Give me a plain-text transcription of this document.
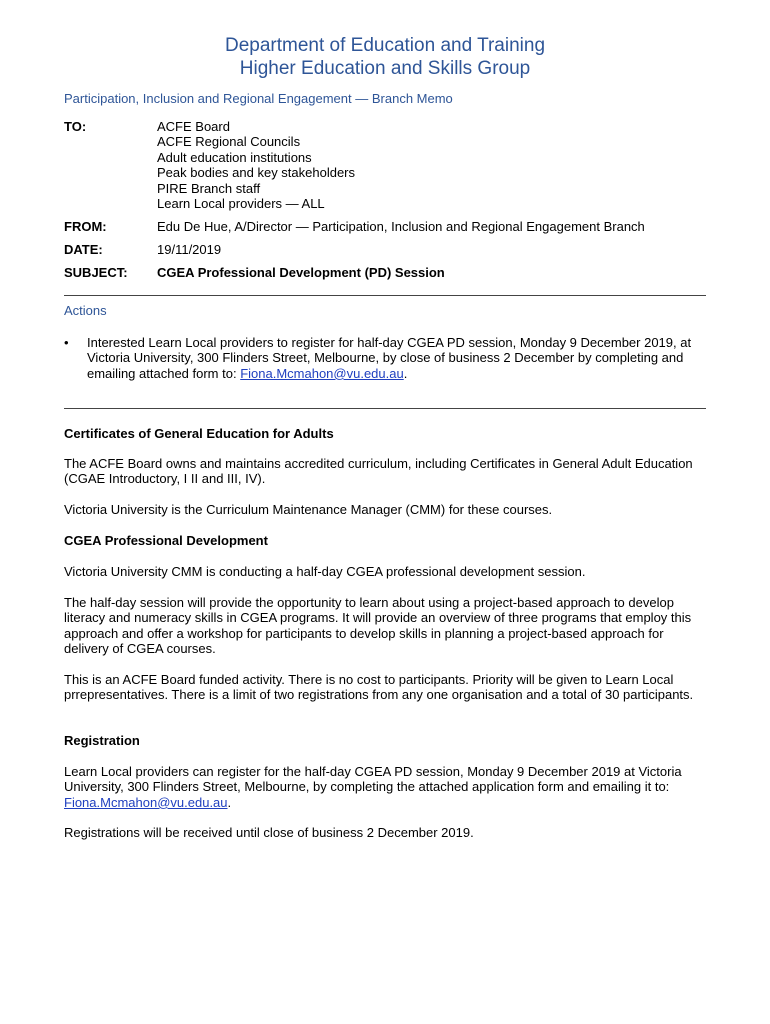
Department of Education and Training
Higher Education and Skills Group
Participation, Inclusion and Regional Engagement — Branch Memo
TO:	ACFE Board
ACFE Regional Councils
Adult education institutions
Peak bodies and key stakeholders
PIRE Branch staff
Learn Local providers — ALL
FROM:	Edu De Hue, A/Director — Participation, Inclusion and Regional Engagement Branch
DATE:	19/11/2019
SUBJECT:	CGEA Professional Development (PD) Session
Actions
• Interested Learn Local providers to register for half-day CGEA PD session, Monday 9 December 2019, at Victoria University, 300 Flinders Street, Melbourne, by close of business 2 December by completing and emailing attached form to: Fiona.Mcmahon@vu.edu.au.
Certificates of General Education for Adults
The ACFE Board owns and maintains accredited curriculum, including Certificates in General Adult Education (CGAE Introductory, I II and III, IV).
Victoria University is the Curriculum Maintenance Manager (CMM) for these courses.
CGEA Professional Development
Victoria University CMM is conducting a half-day CGEA professional development session.
The half-day session will provide the opportunity to learn about using a project-based approach to develop literacy and numeracy skills in CGEA programs. It will provide an overview of three programs that employ this approach and offer a workshop for participants to develop skills in planning a project-based approach for delivery of CGEA courses.
This is an ACFE Board funded activity. There is no cost to participants. Priority will be given to Learn Local prrepresentatives. There is a limit of two registrations from any one organisation and a total of 30 participants.
Registration
Learn Local providers can register for the half-day CGEA PD session, Monday 9 December 2019 at Victoria University, 300 Flinders Street, Melbourne, by completing the attached application form and emailing it to: Fiona.Mcmahon@vu.edu.au.
Registrations will be received until close of business 2 December 2019.
